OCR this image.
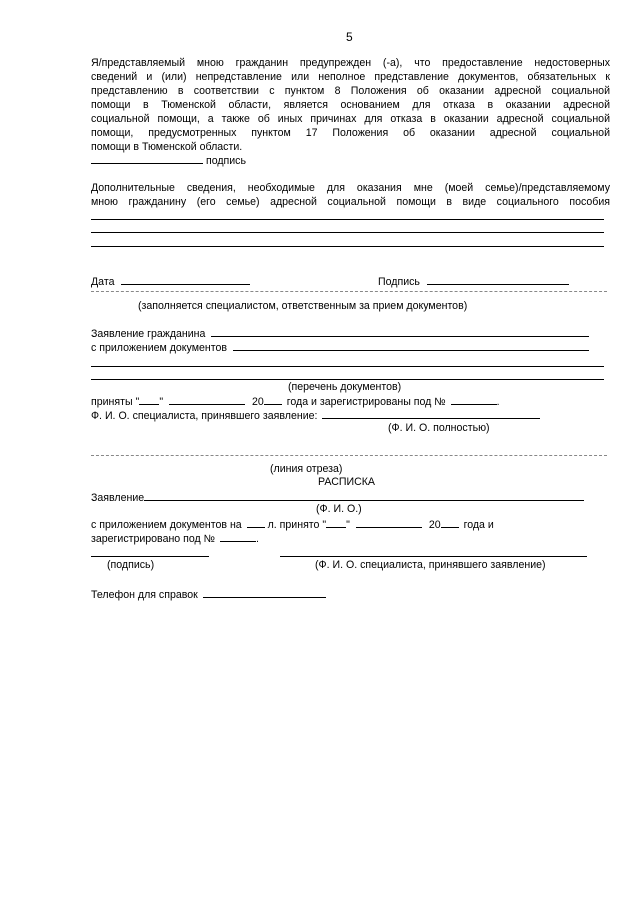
5
Я/представляемый мною гражданин предупрежден (-а), что предоставление недостоверных
сведений и (или) непредставление или неполное представление документов, обязательных к
представлению в соответствии с пунктом 8 Положения об оказании адресной социальной
помощи в Тюменской области, является основанием для отказа в оказании адресной
социальной помощи, а также об иных причинах для отказа в оказании адресной социальной
помощи, предусмотренных пунктом 17 Положения об оказании адресной социальной
помощи в Тюменской области.
подпись
Дополнительные сведения, необходимые для оказания мне (моей семье)/представляемому
мною гражданину (его семье) адресной социальной помощи в виде социального пособия
Дата	Подпись
(заполняется специалистом, ответственным за прием документов)
Заявление гражданина
с приложением документов
(перечень документов)
приняты " "	20 года и зарегистрированы под №	.
Ф. И. О. специалиста, принявшего заявление:
(Ф. И. О. полностью)
(линия отреза)
РАСПИСКА
Заявление
(Ф. И. О.)
с приложением документов на л. принято " "	20 года и
зарегистрировано под №	.
(подпись)	(Ф. И. О. специалиста, принявшего заявление)
Телефон для справок
